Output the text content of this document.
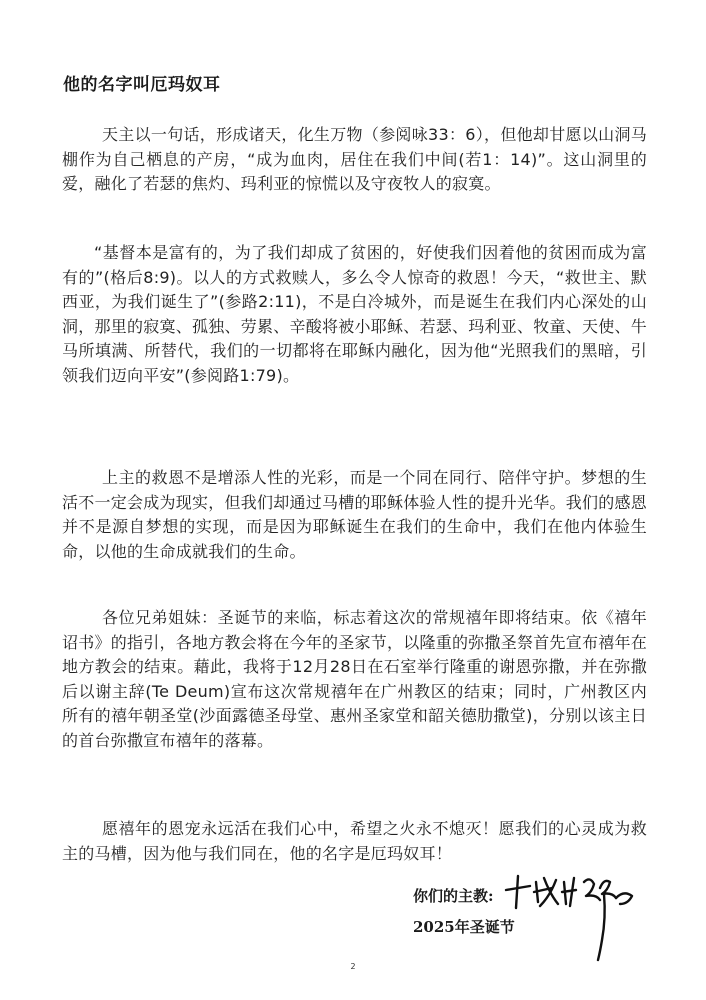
他的名字叫厄玛奴耳

天主以一句话，形成诸天，化生万物（参阅咏33：6），但他却甘愿以山洞马棚作为自己栖息的产房，“成为血肉，居住在我们中间(若1：14)”。这山洞里的爱，融化了若瑟的焦灼、玛利亚的惊慌以及守夜牧人的寂寞。

“基督本是富有的，为了我们却成了贫困的，好使我们因着他的贫困而成为富有的”(格后8:9)。以人的方式救赎人，多么令人惊奇的救恩！今天，“救世主、默西亚，为我们诞生了”(参路2:11)，不是白冷城外，而是诞生在我们内心深处的山洞，那里的寂寞、孤独、劳累、辛酸将被小耶稣、若瑟、玛利亚、牧童、天使、牛马所填满、所替代，我们的一切都将在耶稣内融化，因为他“光照我们的黑暗，引领我们迈向平安”(参阅路1:79)。

上主的救恩不是增添人性的光彩，而是一个同在同行、陪伴守护。梦想的生活不一定会成为现实，但我们却通过马槽的耶稣体验人性的提升光华。我们的感恩并不是源自梦想的实现，而是因为耶稣诞生在我们的生命中，我们在他内体验生命，以他的生命成就我们的生命。

各位兄弟姐妹：圣诞节的来临，标志着这次的常规禧年即将结束。依《禧年诏书》的指引，各地方教会将在今年的圣家节，以隆重的弥撒圣祭首先宣布禧年在地方教会的结束。藉此，我将于12月28日在石室举行隆重的谢恩弥撒，并在弥撒后以谢主辞(Te Deum)宣布这次常规禧年在广州教区的结束；同时，广州教区内所有的禧年朝圣堂(沙面露德圣母堂、惠州圣家堂和韶关德肋撒堂)，分别以该主日的首台弥撒宣布禧年的落幕。

愿禧年的恩宠永远活在我们心中，希望之火永不熄灭！愿我们的心灵成为救主的马槽，因为他与我们同在，他的名字是厄玛奴耳！

你们的主教:
2025年圣诞节
2
